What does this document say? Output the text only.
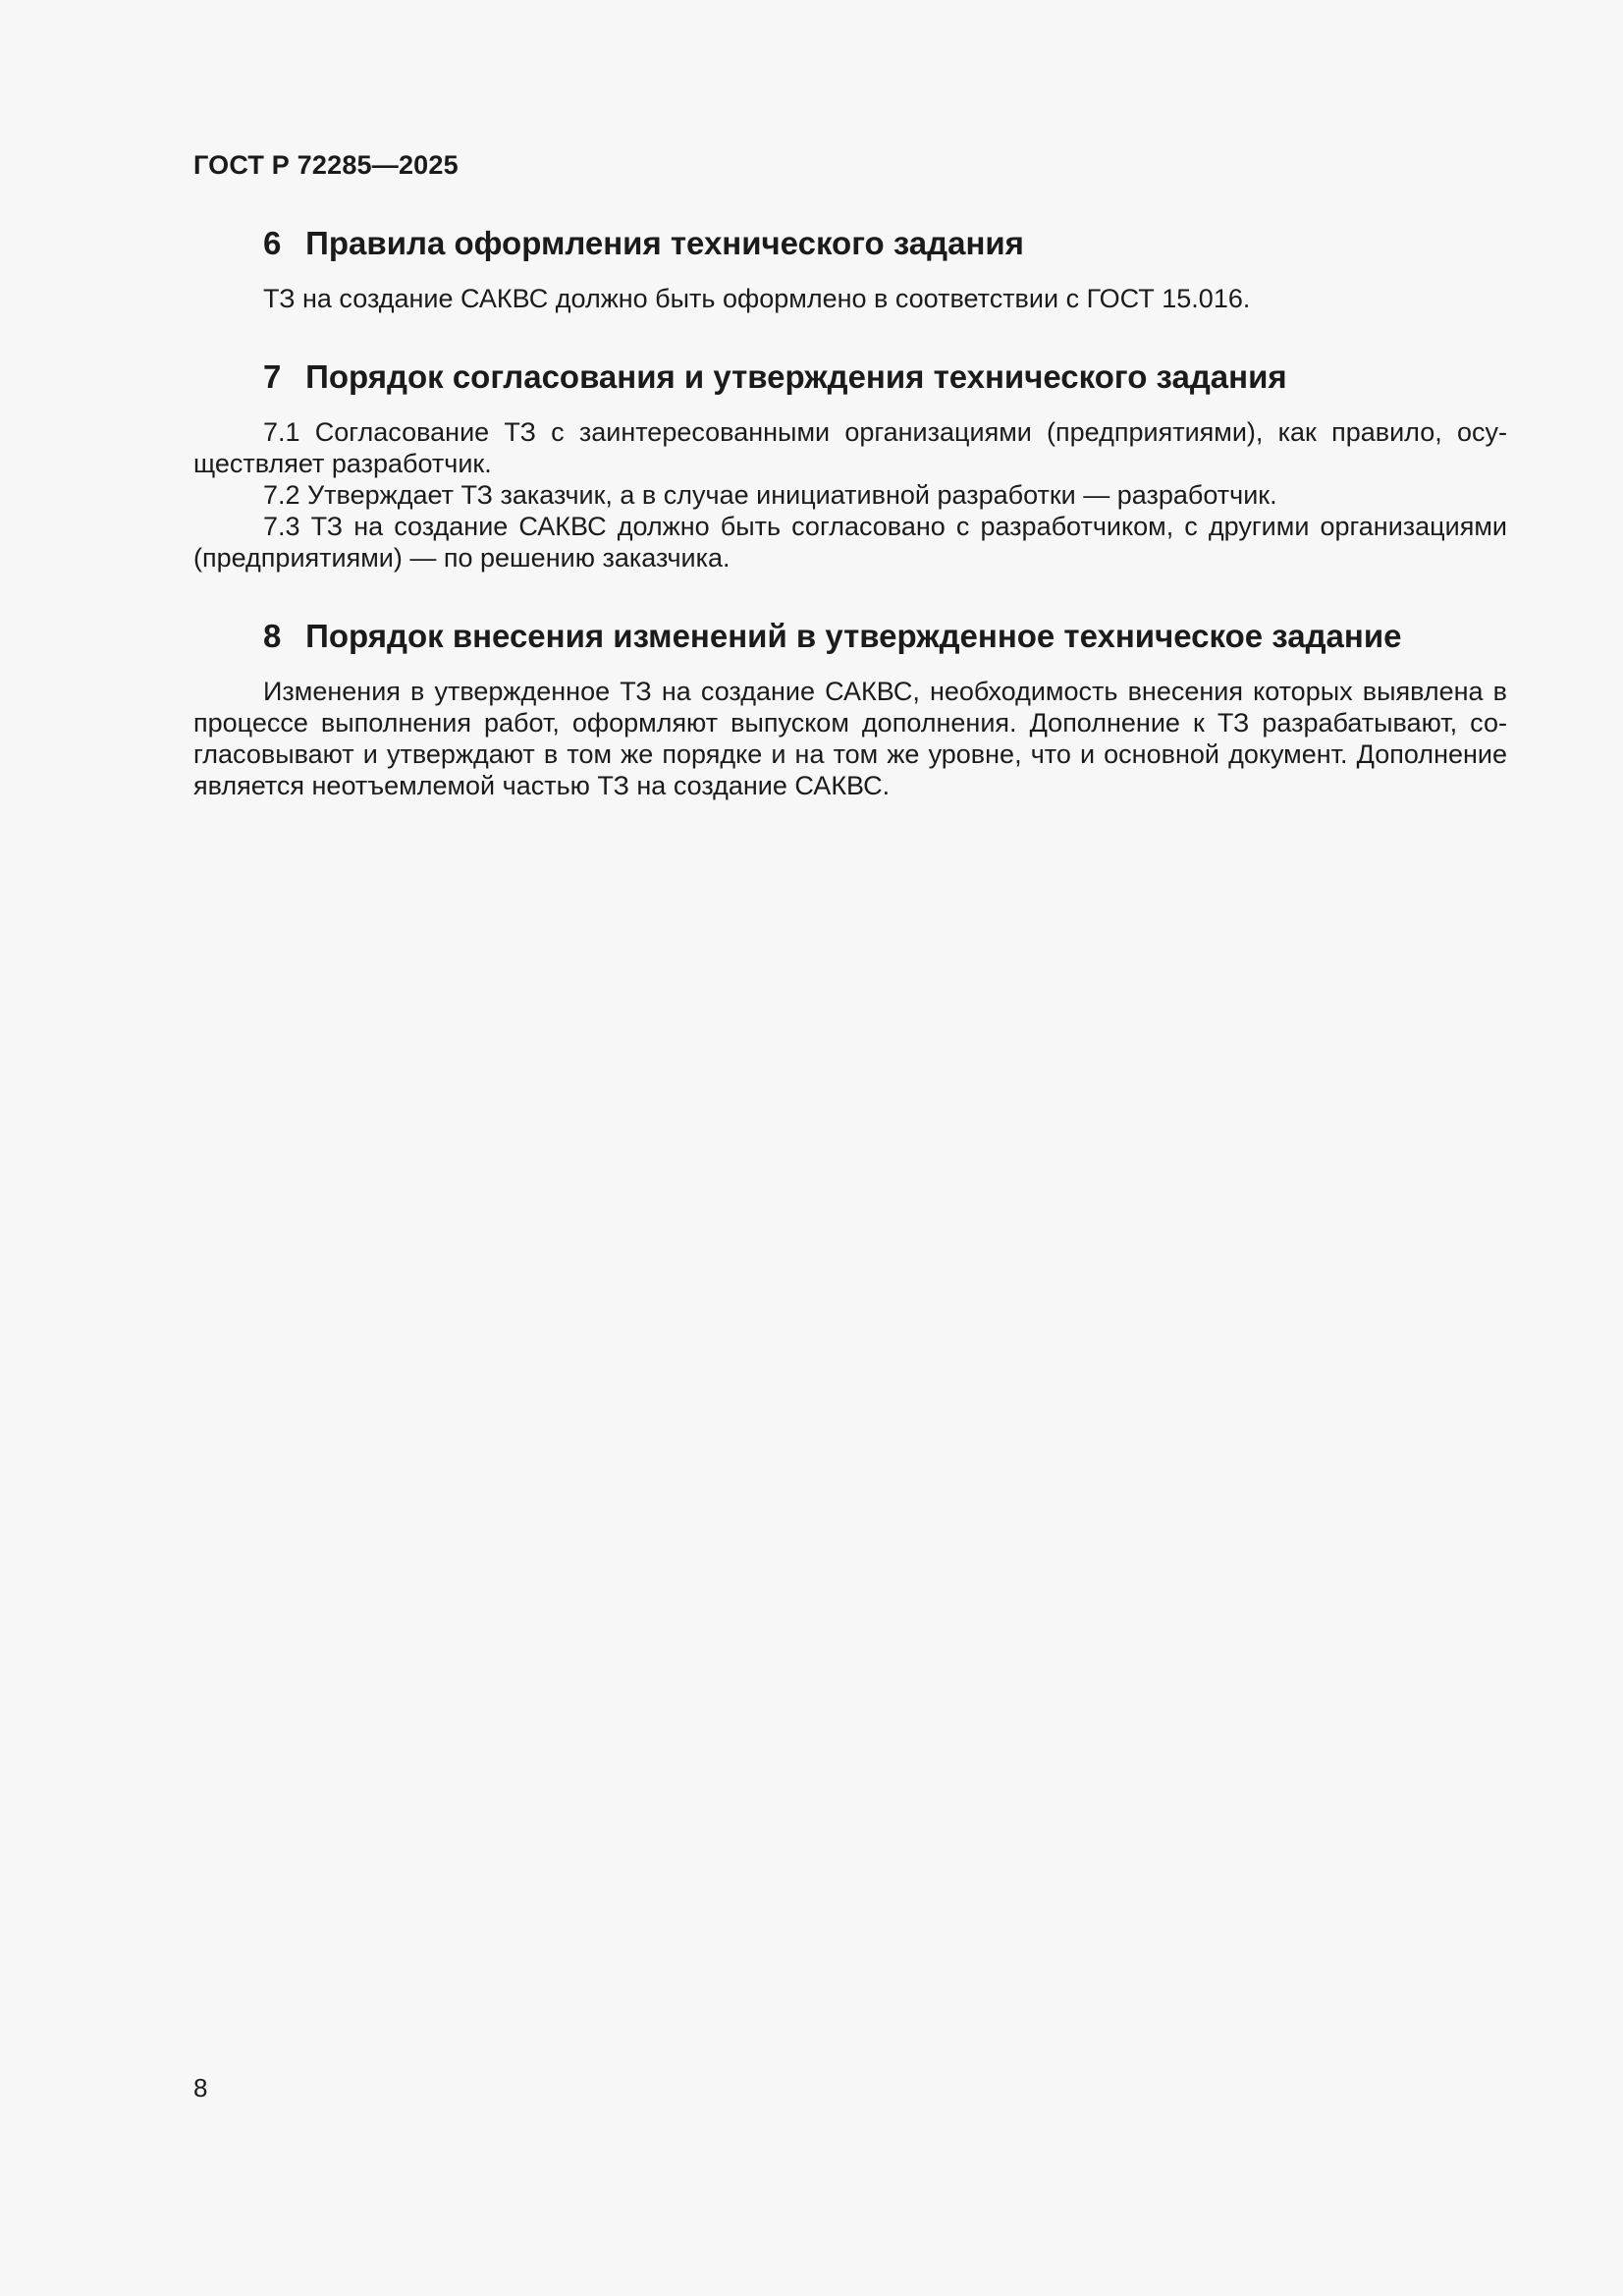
ГОСТ Р 72285—2025
6 Правила оформления технического задания

ТЗ на создание САКВС должно быть оформлено в соответствии с ГОСТ 15.016.

7 Порядок согласования и утверждения технического задания

7.1 Согласование ТЗ с заинтересованными организациями (предприятиями), как правило, осуществляет разработчик.

7.2 Утверждает ТЗ заказчик, а в случае инициативной разработки — разработчик.

7.3 ТЗ на создание САКВС должно быть согласовано с разработчиком, с другими организациями (предприятиями) — по решению заказчика.

8 Порядок внесения изменений в утвержденное техническое задание

Изменения в утвержденное ТЗ на создание САКВС, необходимость внесения которых выявлена в процессе выполнения работ, оформляют выпуском дополнения. Дополнение к ТЗ разрабатывают, согласовывают и утверждают в том же порядке и на том же уровне, что и основной документ. Дополнение является неотъемлемой частью ТЗ на создание САКВС.

8
